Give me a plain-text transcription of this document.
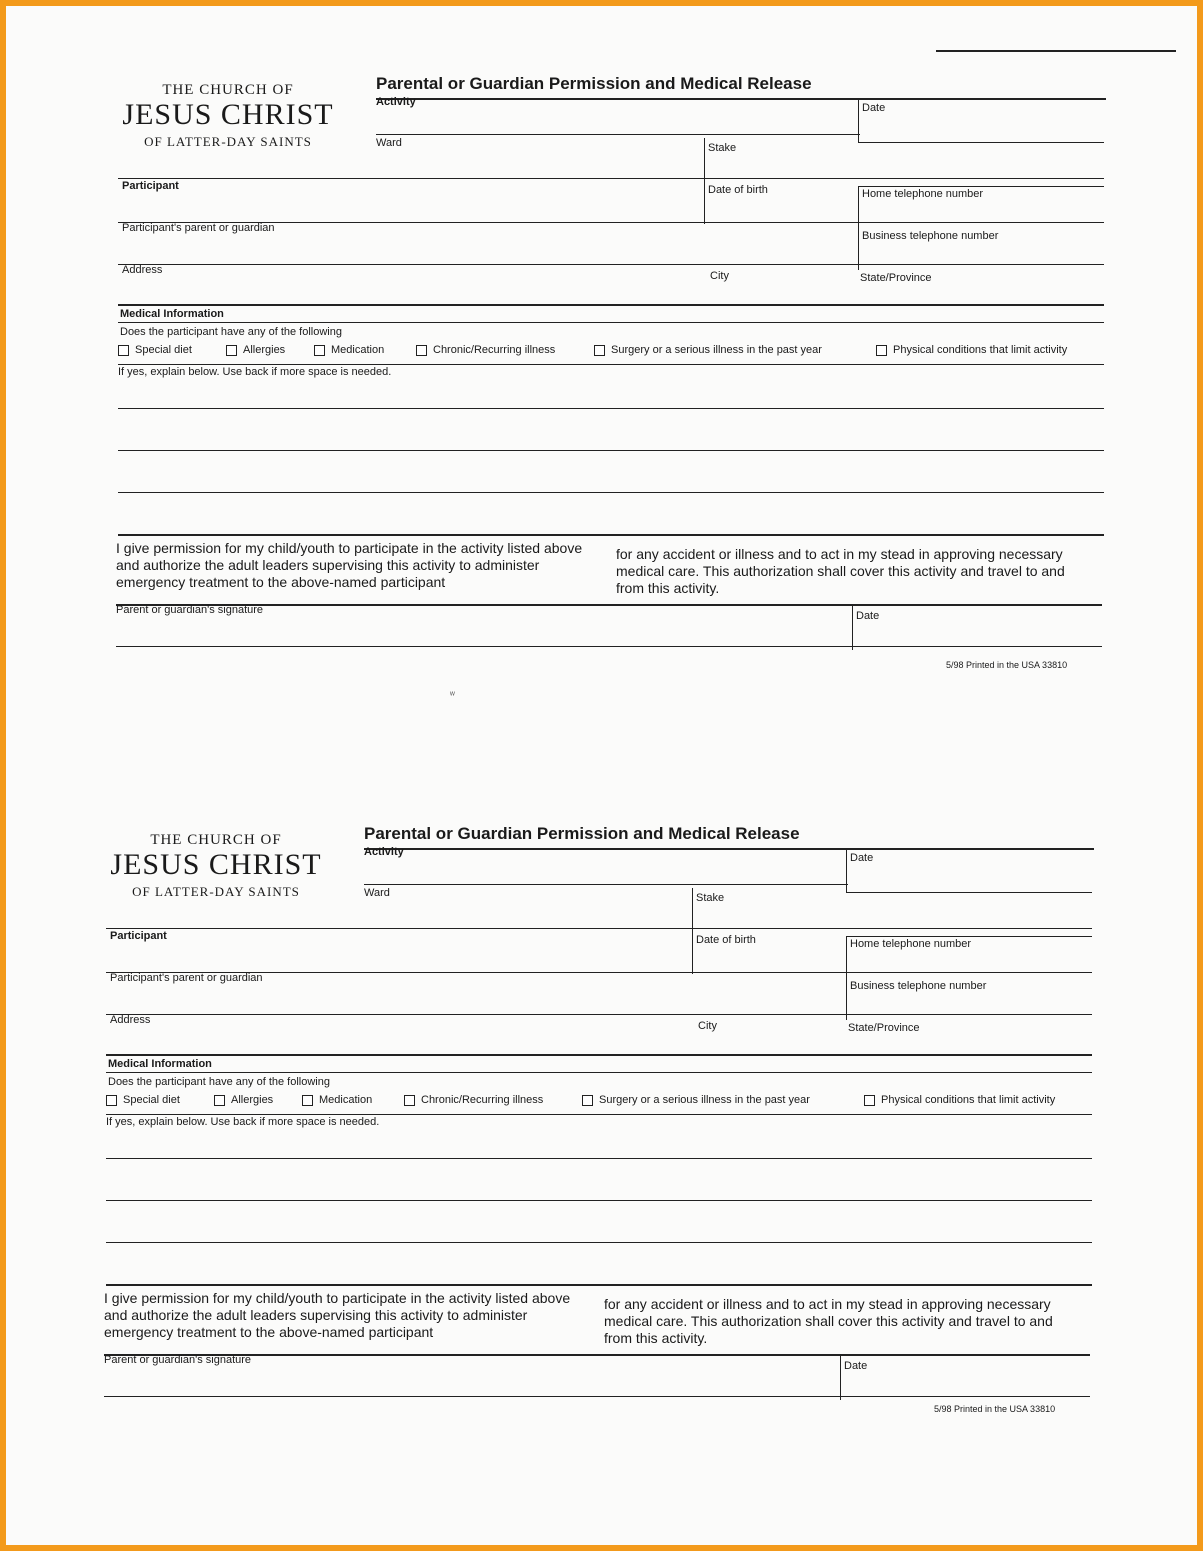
ʷ
THE CHURCH OF
JESUS CHRIST
OF LATTER-DAY SAINTS
Parental or Guardian Permission and Medical Release
Activity	Date
Ward	Stake
Participant	Date of birth	Home telephone number
Participant's parent or guardian
Business telephone number
Address	City	State/Province
Medical Information
Does the participant have any of the following
Special diet	Allergies	Medication	Chronic/Recurring illness	Surgery or a serious illness in the past year	Physical conditions that limit activity
If yes, explain below. Use back if more space is needed.
I give permission for my child/youth to participate in the activity listed above and authorize the adult leaders supervising this activity to administer emergency treatment to the above-named participant
for any accident or illness and to act in my stead in approving necessary medical care. This authorization shall cover this activity and travel to and from this activity.
Parent or guardian's signature	Date
5/98 Printed in the USA 33810
THE CHURCH OF
JESUS CHRIST
OF LATTER-DAY SAINTS
Parental or Guardian Permission and Medical Release
Activity	Date
Ward	Stake
Participant	Date of birth	Home telephone number
Participant's parent or guardian
Business telephone number
Address	City	State/Province
Medical Information
Does the participant have any of the following
Special diet	Allergies	Medication	Chronic/Recurring illness	Surgery or a serious illness in the past year	Physical conditions that limit activity
If yes, explain below. Use back if more space is needed.
I give permission for my child/youth to participate in the activity listed above and authorize the adult leaders supervising this activity to administer emergency treatment to the above-named participant
for any accident or illness and to act in my stead in approving necessary medical care. This authorization shall cover this activity and travel to and from this activity.
Parent or guardian's signature	Date
5/98 Printed in the USA 33810
